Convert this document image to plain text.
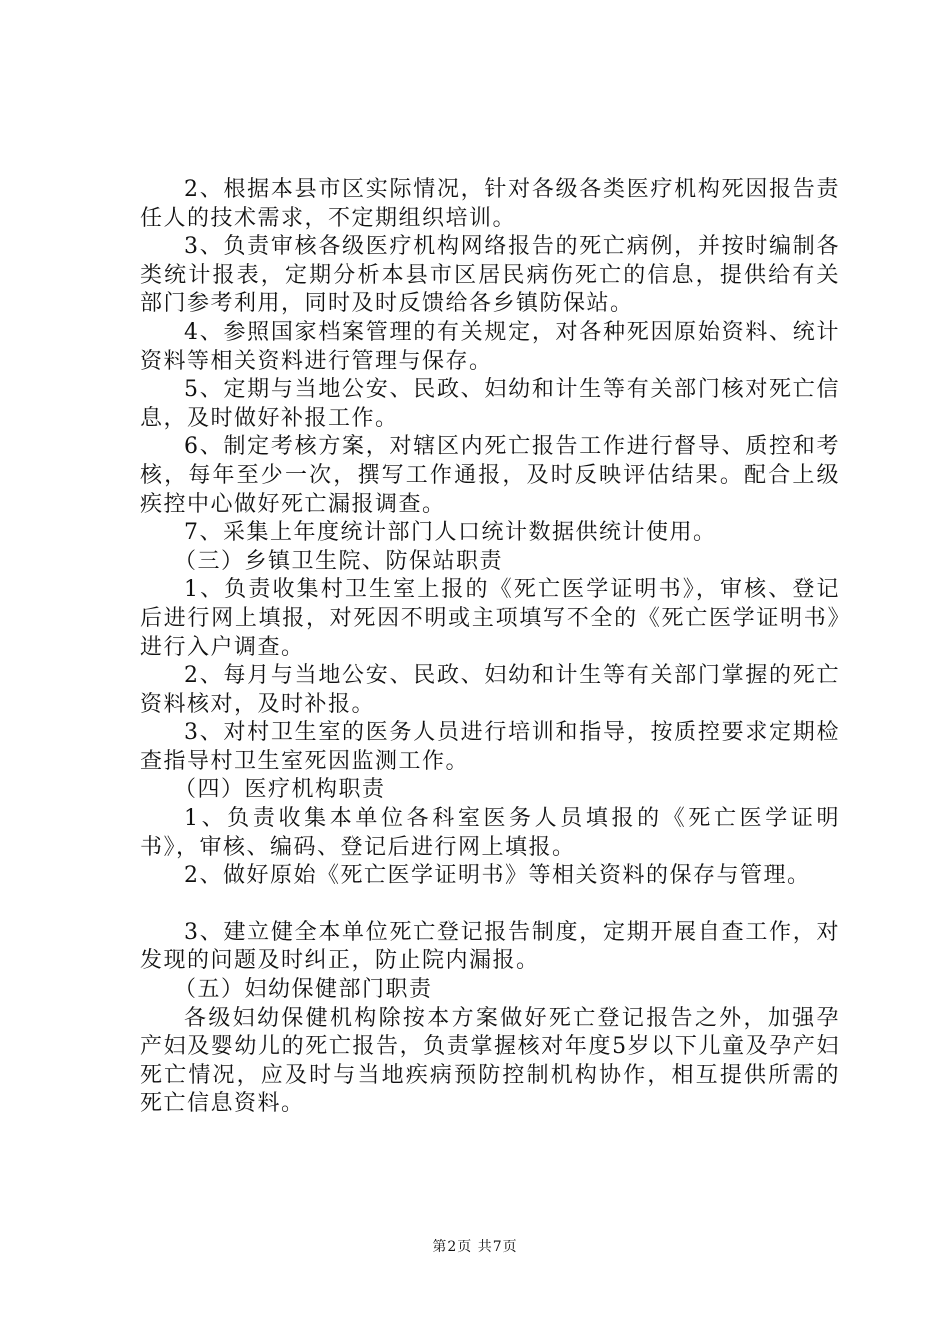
2、根据本县市区实际情况，针对各级各类医疗机构死因报告责任人的技术需求，不定期组织培训。

3、负责审核各级医疗机构网络报告的死亡病例，并按时编制各类统计报表，定期分析本县市区居民病伤死亡的信息，提供给有关部门参考利用，同时及时反馈给各乡镇防保站。

4、参照国家档案管理的有关规定，对各种死因原始资料、统计资料等相关资料进行管理与保存。

5、定期与当地公安、民政、妇幼和计生等有关部门核对死亡信息，及时做好补报工作。

6、制定考核方案，对辖区内死亡报告工作进行督导、质控和考核，每年至少一次，撰写工作通报，及时反映评估结果。配合上级疾控中心做好死亡漏报调查。

7、采集上年度统计部门人口统计数据供统计使用。

（三）乡镇卫生院、防保站职责

1、负责收集村卫生室上报的《死亡医学证明书》，审核、登记后进行网上填报，对死因不明或主项填写不全的《死亡医学证明书》进行入户调查。

2、每月与当地公安、民政、妇幼和计生等有关部门掌握的死亡资料核对，及时补报。

3、对村卫生室的医务人员进行培训和指导，按质控要求定期检查指导村卫生室死因监测工作。

（四）医疗机构职责

1、负责收集本单位各科室医务人员填报的《死亡医学证明书》，审核、编码、登记后进行网上填报。

2、做好原始《死亡医学证明书》等相关资料的保存与管理。

3、建立健全本单位死亡登记报告制度，定期开展自查工作，对发现的问题及时纠正，防止院内漏报。

（五）妇幼保健部门职责

各级妇幼保健机构除按本方案做好死亡登记报告之外，加强孕产妇及婴幼儿的死亡报告，负责掌握核对年度5岁以下儿童及孕产妇死亡情况，应及时与当地疾病预防控制机构协作，相互提供所需的死亡信息资料。

第2页 共7页
